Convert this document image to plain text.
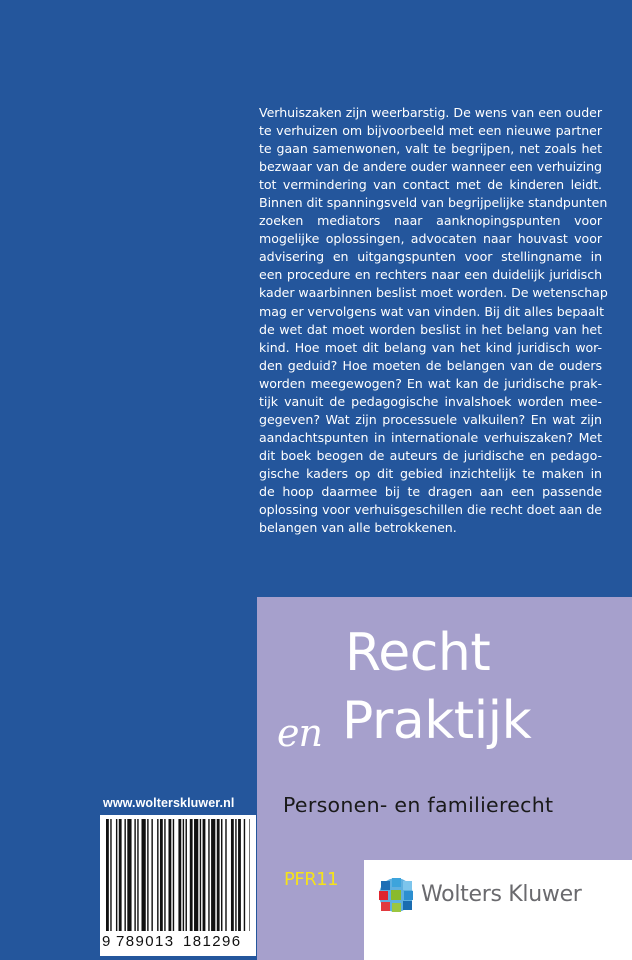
Verhuiszaken zijn weerbarstig. De wens van een ouder
te verhuizen om bijvoorbeeld met een nieuwe partner
te gaan samenwonen, valt te begrijpen, net zoals het
bezwaar van de andere ouder wanneer een verhuizing
tot vermindering van contact met de kinderen leidt.
Binnen dit spanningsveld van begrijpelijke standpunten
zoeken mediators naar aanknopingspunten voor
mogelijke oplossingen, advocaten naar houvast voor
advisering en uitgangspunten voor stellingname in
een procedure en rechters naar een duidelijk juridisch
kader waarbinnen beslist moet worden. De wetenschap
mag er vervolgens wat van vinden. Bij dit alles bepaalt
de wet dat moet worden beslist in het belang van het
kind. Hoe moet dit belang van het kind juridisch wor-
den geduid? Hoe moeten de belangen van de ouders
worden meegewogen? En wat kan de juridische prak-
tijk vanuit de pedagogische invalshoek worden mee-
gegeven? Wat zijn processuele valkuilen? En wat zijn
aandachtspunten in internationale verhuiszaken? Met
dit boek beogen de auteurs de juridische en pedago-
gische kaders op dit gebied inzichtelijk te maken in
de hoop daarmee bij te dragen aan een passende
oplossing voor verhuisgeschillen die recht doet aan de
belangen van alle betrokkenen.
Recht
en Praktijk
Personen- en familierecht
PFR11
Wolters Kluwer
www.wolterskluwer.nl
9 789013 181296
